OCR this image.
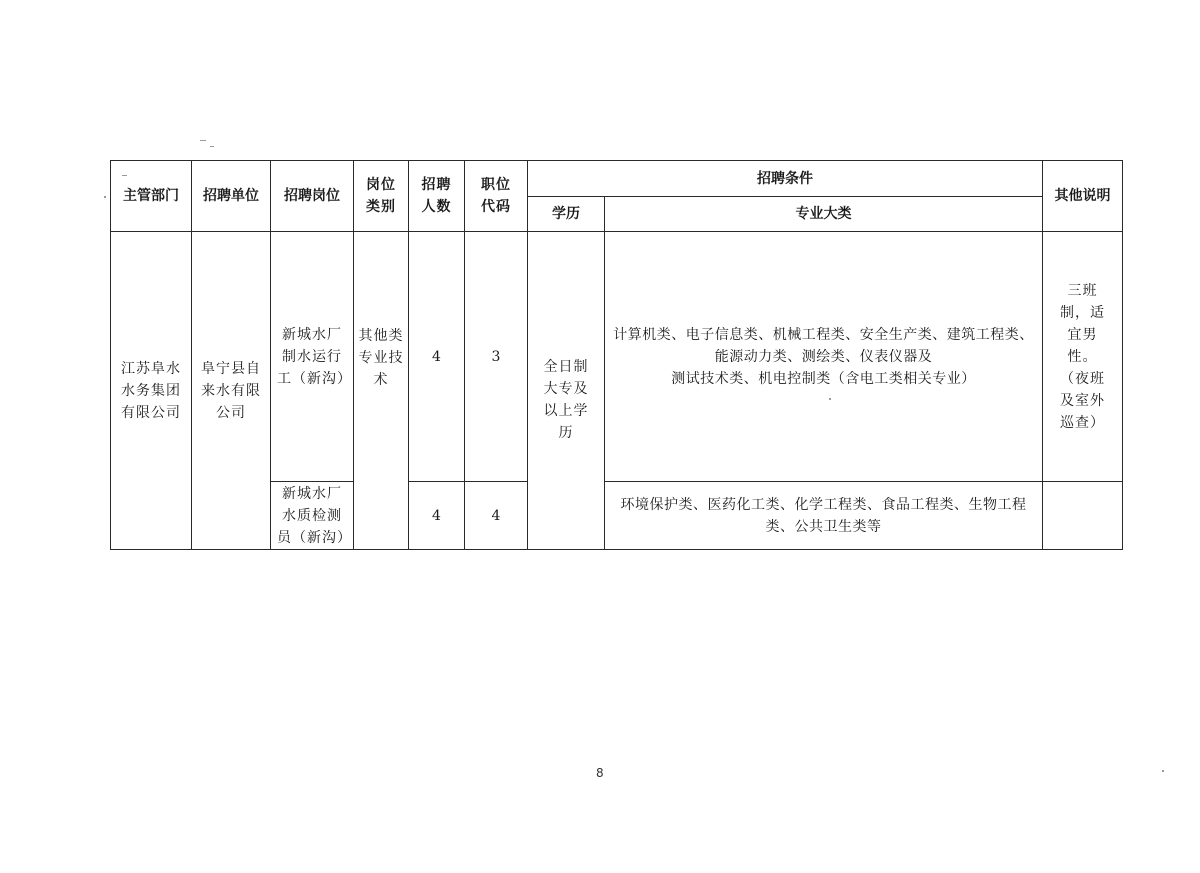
主管部门	招聘单位	招聘岗位	岗位类别	招聘人数	职位代码	招聘条件		其他说明
						学历	专业大类	
江苏阜水水务集团有限公司	阜宁县自来水有限公司	新城水厂制水运行工（新沟）	其他类专业技术	4	3	全日制大专及以上学历	计算机类、电子信息类、机械工程类、安全生产类、建筑工程类、
能源动力类、测绘类、仪表仪器及
测试技术类、机电控制类（含电工类相关专业）	三班制，适宜男性。（夜班及室外巡查）
		新城水厂水质检测员（新沟）		4	4		环境保护类、医药化工类、化学工程类、食品工程类、生物工程
类、公共卫生类等	

8
